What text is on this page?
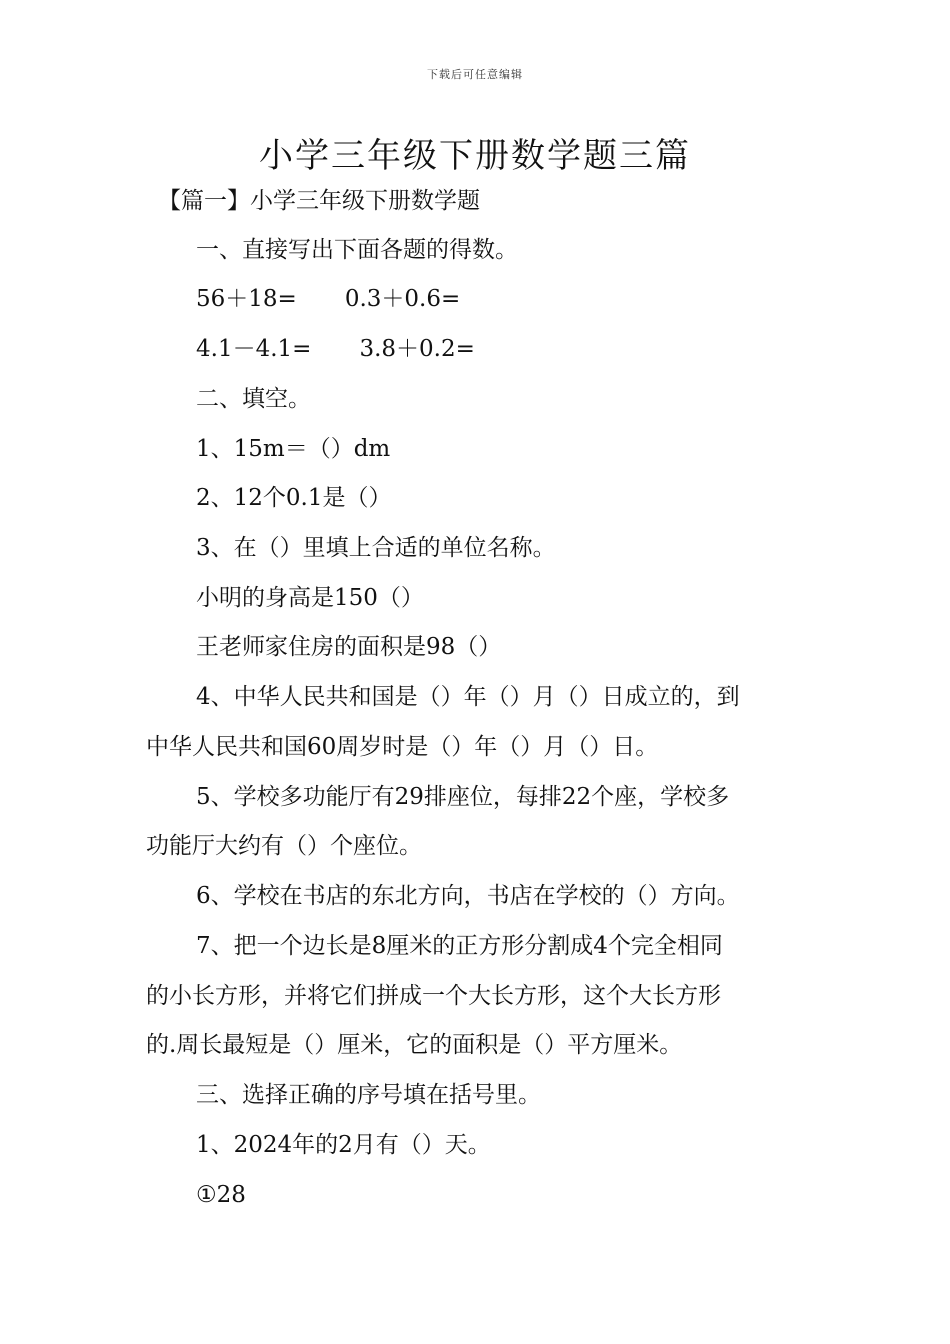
下载后可任意编辑
小学三年级下册数学题三篇
【篇一】小学三年级下册数学题
一、直接写出下面各题的得数。
56＋18= 0.3＋0.6=
4.1－4.1= 3.8＋0.2=
二、填空。
1、15m＝（）dm
2、12个0.1是（）
3、在（）里填上合适的单位名称。
小明的身高是150（）
王老师家住房的面积是98（）
4、中华人民共和国是（）年（）月（）日成立的，到
中华人民共和国60周岁时是（）年（）月（）日。
5、学校多功能厅有29排座位，每排22个座，学校多
功能厅大约有（）个座位。
6、学校在书店的东北方向，书店在学校的（）方向。
7、把一个边长是8厘米的正方形分割成4个完全相同
的小长方形，并将它们拼成一个大长方形，这个大长方形
的.周长最短是（）厘米，它的面积是（）平方厘米。
三、选择正确的序号填在括号里。
1、2024年的2月有（）天。
①28
